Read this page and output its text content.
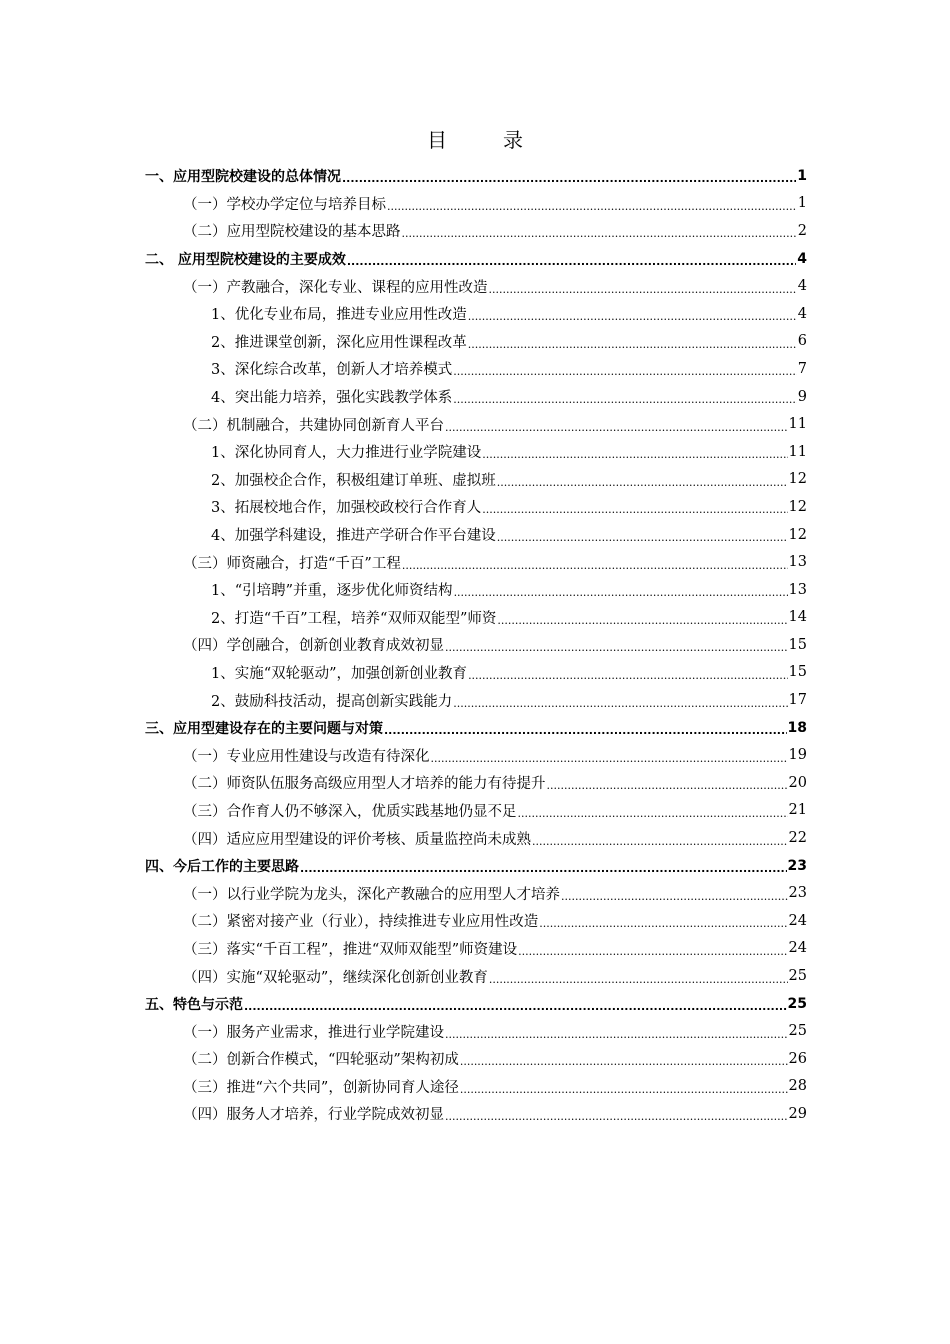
目　录
一、应用型院校建设的总体情况 .....	1
（一）学校办学定位与培养目标 .....	1
（二）应用型院校建设的基本思路 .....	2
二、 应用型院校建设的主要成效 .....	4
（一）产教融合，深化专业、课程的应用性改造 .....	4
1、优化专业布局，推进专业应用性改造 .....	4
2、推进课堂创新，深化应用性课程改革 .....	6
3、深化综合改革，创新人才培养模式 .....	7
4、突出能力培养，强化实践教学体系 .....	9
（二）机制融合，共建协同创新育人平台 .....	11
1、深化协同育人，大力推进行业学院建设 .....	11
2、加强校企合作，积极组建订单班、虚拟班 .....	12
3、拓展校地合作，加强校政校行合作育人 .....	12
4、加强学科建设，推进产学研合作平台建设 .....	12
（三）师资融合，打造“千百”工程 .....	13
1、“引培聘”并重，逐步优化师资结构 .....	13
2、打造“千百”工程，培养“双师双能型”师资 .....	14
（四）学创融合，创新创业教育成效初显 .....	15
1、实施“双轮驱动”，加强创新创业教育 .....	15
2、鼓励科技活动，提高创新实践能力 .....	17
三、应用型建设存在的主要问题与对策 .....	18
（一）专业应用性建设与改造有待深化 .....	19
（二）师资队伍服务高级应用型人才培养的能力有待提升 .....	20
（三）合作育人仍不够深入，优质实践基地仍显不足 .....	21
（四）适应应用型建设的评价考核、质量监控尚未成熟 .....	22
四、今后工作的主要思路 .....	23
（一）以行业学院为龙头，深化产教融合的应用型人才培养 .....	23
（二）紧密对接产业（行业），持续推进专业应用性改造 .....	24
（三）落实“千百工程”，推进“双师双能型”师资建设 .....	24
（四）实施“双轮驱动”，继续深化创新创业教育 .....	25
五、特色与示范 .....	25
（一）服务产业需求，推进行业学院建设 .....	25
（二）创新合作模式，“四轮驱动”架构初成 .....	26
（三）推进“六个共同”，创新协同育人途径 .....	28
（四）服务人才培养，行业学院成效初显 .....	29
